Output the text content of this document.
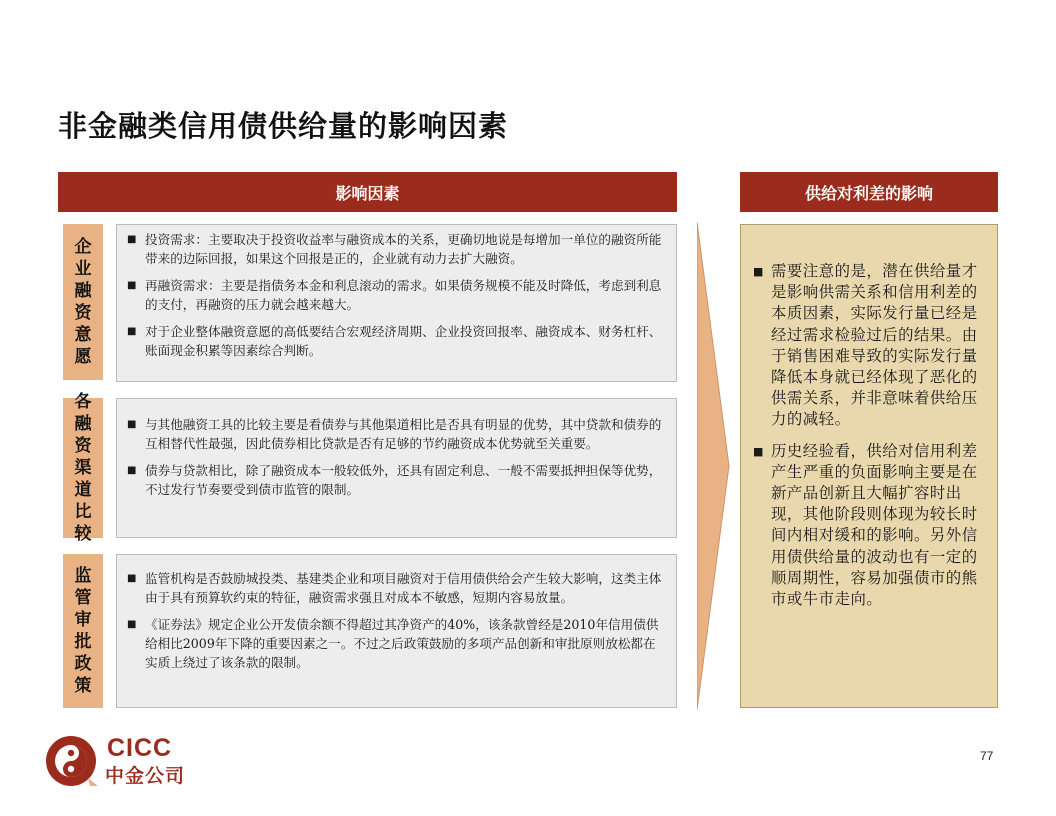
非金融类信用债供给量的影响因素
影响因素	供给对利差的影响
企业融资意愿
■ 投资需求：主要取决于投资收益率与融资成本的关系，更确切地说是每增加一单位的融资所能带来的边际回报，如果这个回报是正的，企业就有动力去扩大融资。
■ 再融资需求：主要是指债务本金和利息滚动的需求。如果债务规模不能及时降低，考虑到利息的支付，再融资的压力就会越来越大。
■ 对于企业整体融资意愿的高低要结合宏观经济周期、企业投资回报率、融资成本、财务杠杆、账面现金积累等因素综合判断。
各融资渠道比较
■ 与其他融资工具的比较主要是看债券与其他渠道相比是否具有明显的优势，其中贷款和债券的互相替代性最强，因此债券相比贷款是否有足够的节约融资成本优势就至关重要。
■ 债券与贷款相比，除了融资成本一般较低外，还具有固定利息、一般不需要抵押担保等优势，不过发行节奏要受到债市监管的限制。
监管审批政策
■ 监管机构是否鼓励城投类、基建类企业和项目融资对于信用债供给会产生较大影响，这类主体由于具有预算软约束的特征，融资需求强且对成本不敏感，短期内容易放量。
■ 《证券法》规定企业公开发债余额不得超过其净资产的40%，该条款曾经是2010年信用债供给相比2009年下降的重要因素之一。不过之后政策鼓励的多项产品创新和审批原则放松都在实质上绕过了该条款的限制。
■ 需要注意的是，潜在供给量才是影响供需关系和信用利差的本质因素，实际发行量已经是经过需求检验过后的结果。由于销售困难导致的实际发行量降低本身就已经体现了恶化的供需关系，并非意味着供给压力的减轻。
■ 历史经验看，供给对信用利差产生严重的负面影响主要是在新产品创新且大幅扩容时出现，其他阶段则体现为较长时间内相对缓和的影响。另外信用债供给量的波动也有一定的顺周期性，容易加强债市的熊市或牛市走向。
CICC
中金公司
77
